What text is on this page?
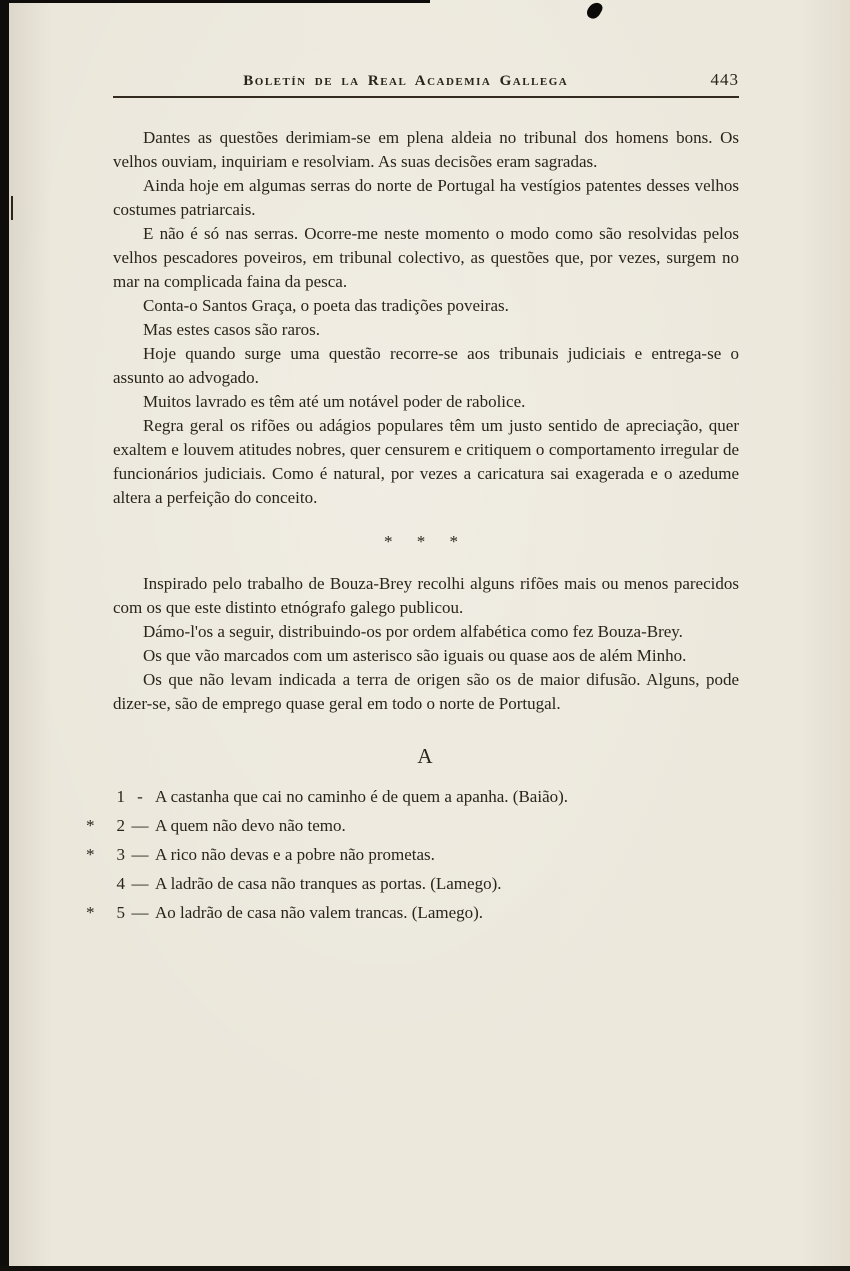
Boletín de la Real Academia Gallega	443

Dantes as questões derimiam-se em plena aldeia no tribunal dos homens bons. Os velhos ouviam, inquiriam e resolviam. As suas decisões eram sagradas.

Ainda hoje em algumas serras do norte de Portugal ha vestígios patentes desses velhos costumes patriarcais.

E não é só nas serras. Ocorre-me neste momento o modo como são resolvidas pelos velhos pescadores poveiros, em tribunal colectivo, as questões que, por vezes, surgem no mar na complicada faina da pesca.

Conta-o Santos Graça, o poeta das tradições poveiras.

Mas estes casos são raros.

Hoje quando surge uma questão recorre-se aos tribunais judiciais e entrega-se o assunto ao advogado.

Muitos lavrado es têm até um notável poder de rabolice.

Regra geral os rifões ou adágios populares têm um justo sentido de apreciação, quer exaltem e louvem atitudes nobres, quer censurem e critiquem o comportamento irregular de funcionários judiciais. Como é natural, por vezes a caricatura sai exagerada e o azedume altera a perfeição do conceito.

* * *

Inspirado pelo trabalho de Bouza-Brey recolhi alguns rifões mais ou menos parecidos com os que este distinto etnógrafo galego publicou.

Dámo-l'os a seguir, distribuindo-os por ordem alfabética como fez Bouza-Brey.

Os que vão marcados com um asterisco são iguais ou quase aos de além Minho.

Os que não levam indicada a terra de origen são os de maior difusão. Alguns, pode dizer-se, são de emprego quase geral em todo o norte de Portugal.

A
1 - A castanha que cai no caminho é de quem a apanha. (Baião).
*	2 — A quem não devo não temo.
*	3 — A rico não devas e a pobre não prometas.
4 — A ladrão de casa não tranques as portas. (Lamego).
*	5 — Ao ladrão de casa não valem trancas. (Lamego).
